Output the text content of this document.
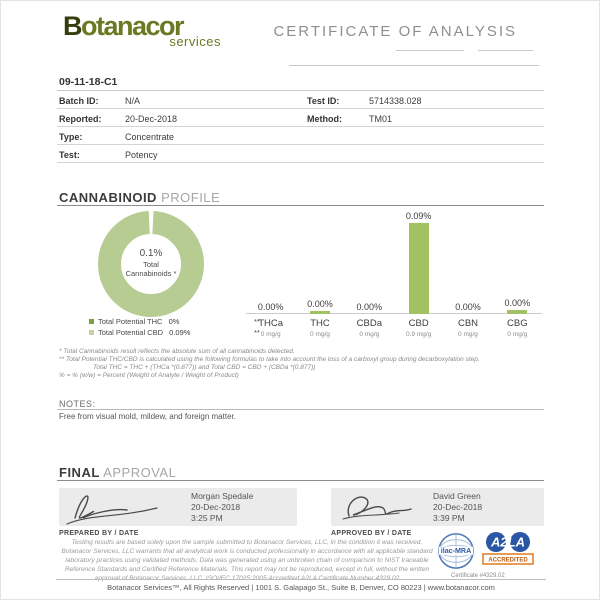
Botanacor
services
CERTIFICATE OF ANALYSIS
09-11-18-C1
Batch ID:	N/A	Test ID:	5714338.028
Reported:	20-Dec-2018	Method:	TM01
Type:	Concentrate
Test:	Potency
CANNABINOID PROFILE
0.1%
Total
Cannabinoids *
Total Potential THC 0%	**
Total Potential CBD 0.09%	**
0.00%
THCa
0 mg/g
0.00%
THC
0 mg/g
0.00%
CBDa
0 mg/g
0.09%
CBD
0.9 mg/g
0.00%
CBN
0 mg/g
0.00%
CBG
0 mg/g
* Total Cannabinoids result reflects the absolute sum of all cannabinoids detected.
** Total Potential THC/CBD is calculated using the following formulas to take into account the loss of a carboxyl group during decarboxylation step.
Total THC = THC + (THCa *(0.877)) and Total CBD = CBD + (CBDa *(0.877))
% = % (w/w) = Percent (Weight of Analyte / Weight of Product)
NOTES:
Free from visual mold, mildew, and foreign matter.
FINAL APPROVAL
Morgan Spedale
20-Dec-2018
3:25 PM
PREPARED BY / DATE
David Green
20-Dec-2018
3:39 PM
APPROVED BY / DATE
Testing results are based solely upon the sample submitted to Botanacor Services, LLC, in the condition it was received. Botanacor Services, LLC warrants that all analytical work is conducted professionally in accordance with all applicable standard laboratory practices using validated methods. Data was generated using an unbroken chain of comparison to NIST traceable Reference Standards and Certified Reference Materials. This report may not be reproduced, except in full, without the written approval of Botanacor Services, LLC. ISO/IEC 17025:2005 Accredited A2LA Certificate Number 4329.02
ilac-MRA
A2LA
ACCREDITED
Certificate #4329.02
Botanacor Services™, All Rights Reserved | 1001 S. Galapago St., Suite B, Denver, CO 80223 | www.botanacor.com
